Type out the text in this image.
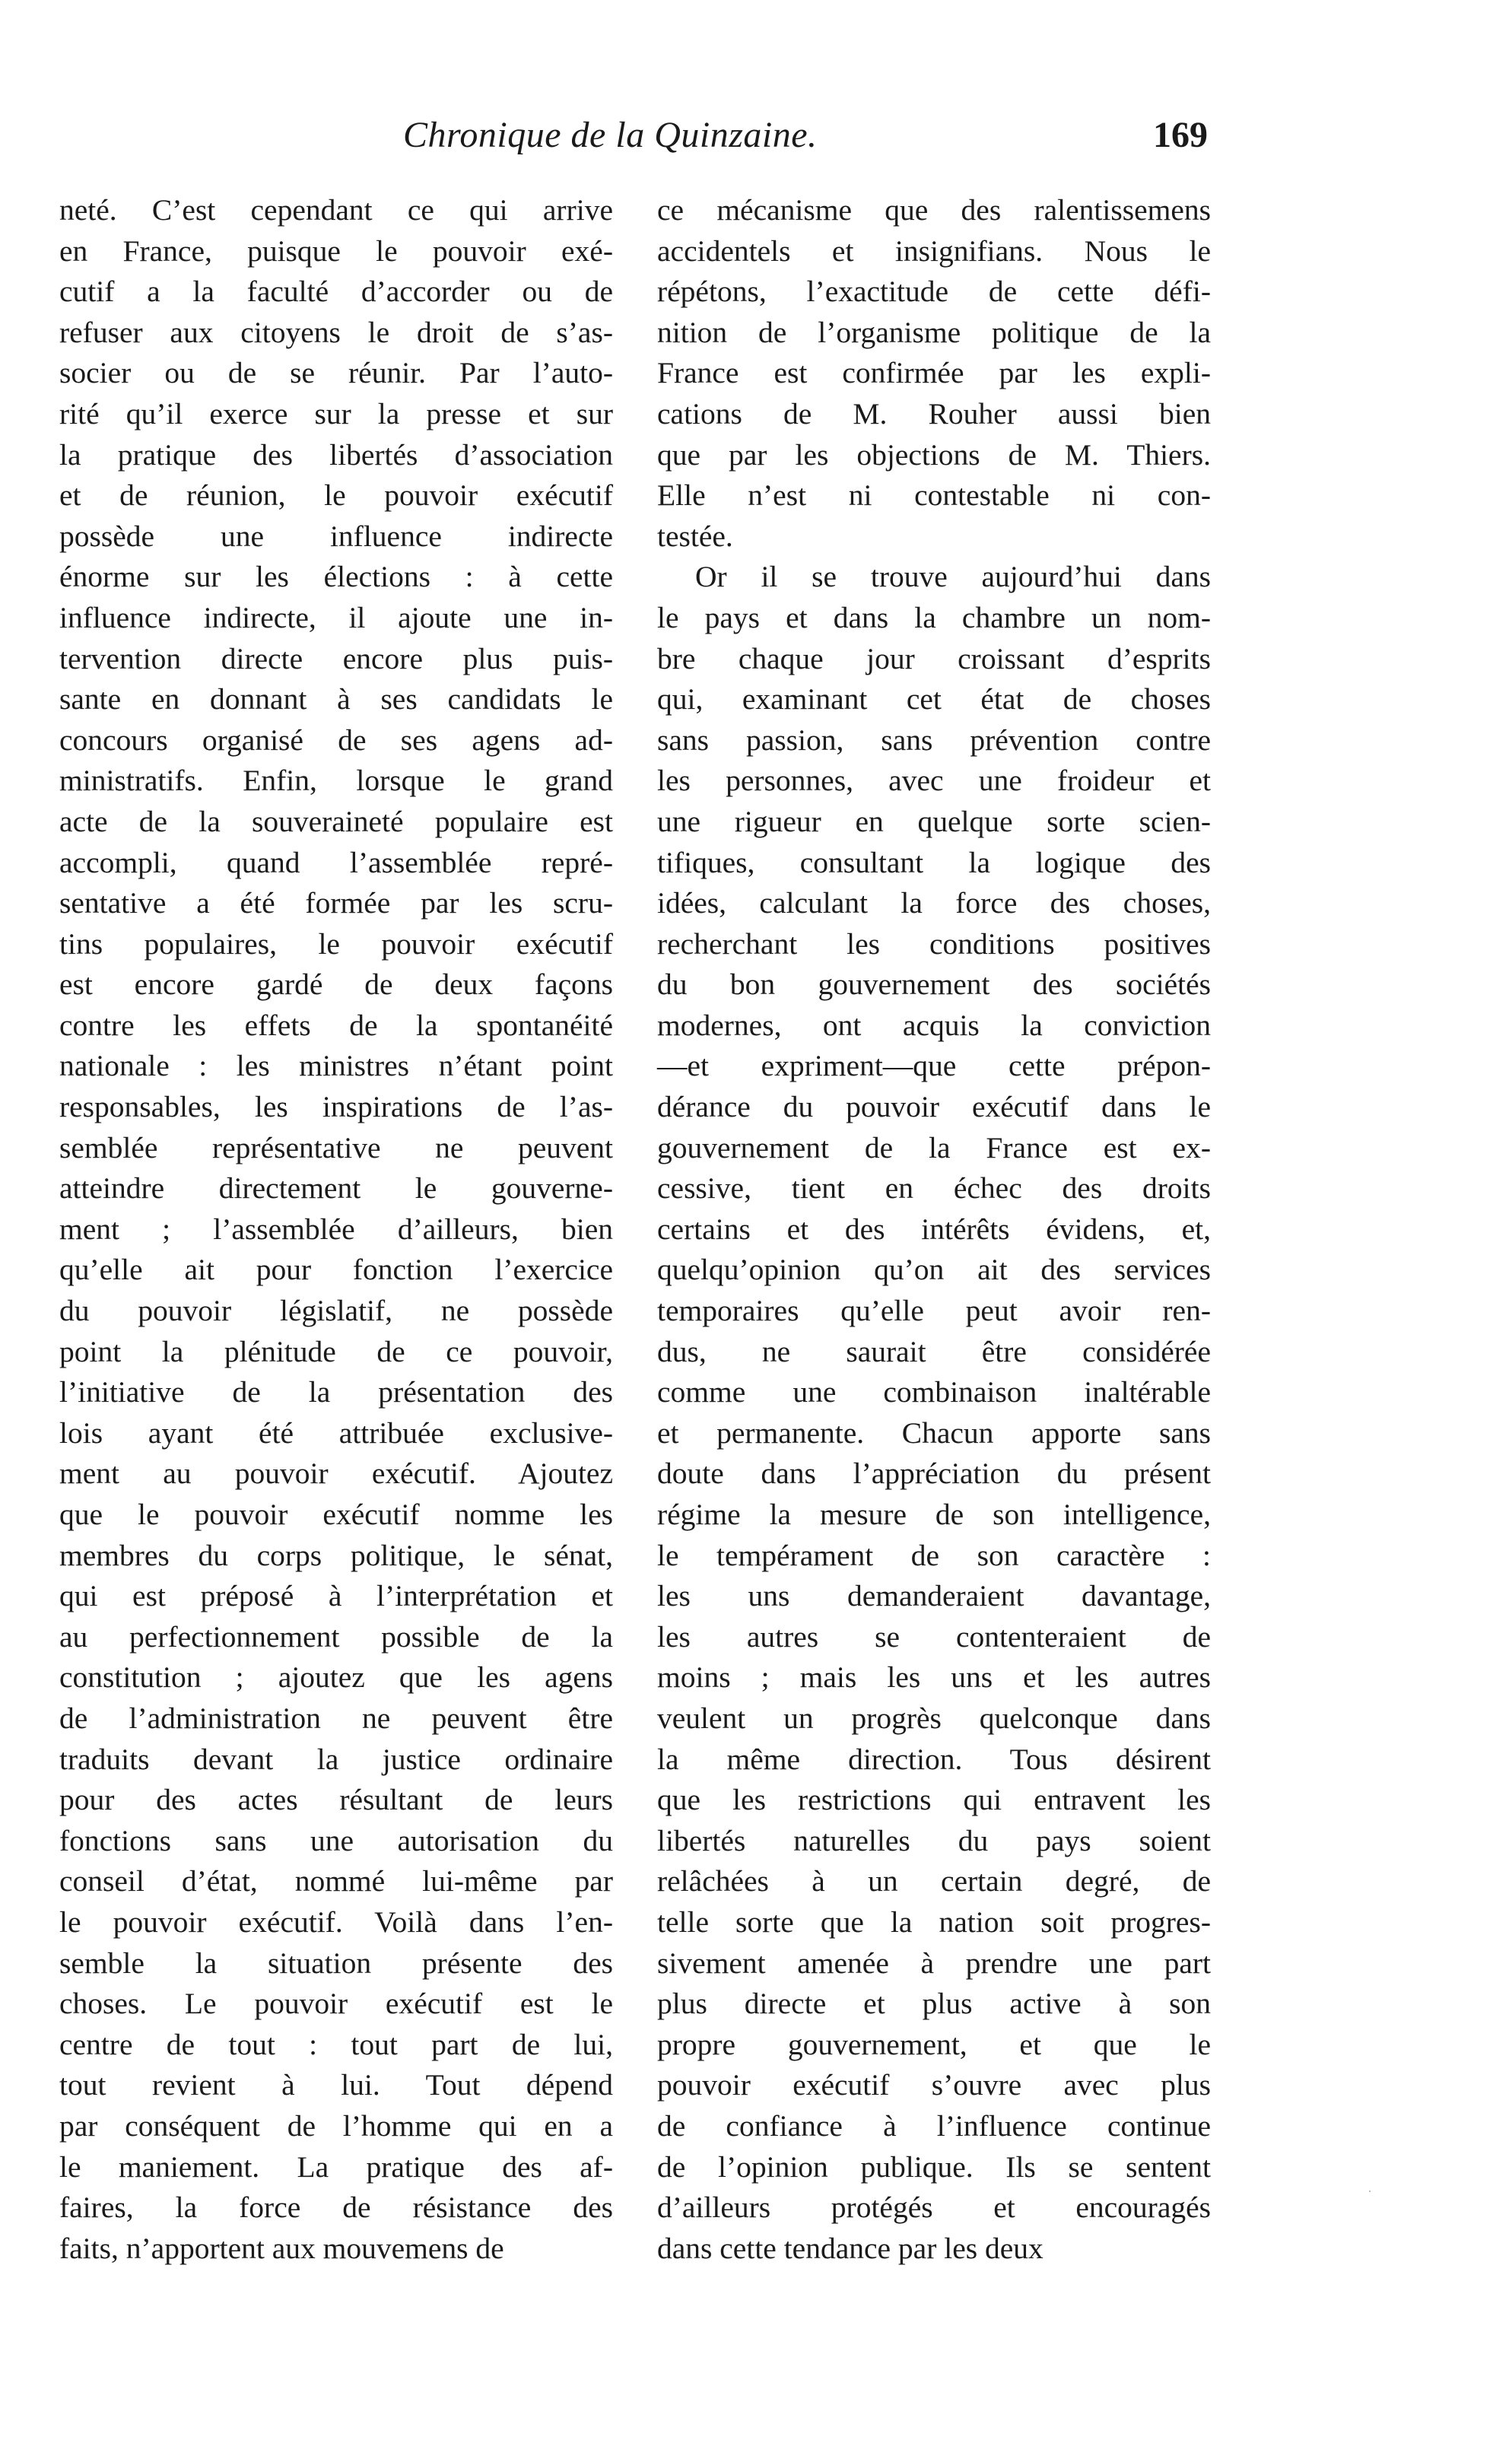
Chronique de la Quinzaine.	169
neté. C’est cependant ce qui arrive
en France, puisque le pouvoir exé-
cutif a la faculté d’accorder ou de
refuser aux citoyens le droit de s’as-
socier ou de se réunir. Par l’auto-
rité qu’il exerce sur la presse et sur
la pratique des libertés d’association
et de réunion, le pouvoir exécutif
possède une influence indirecte
énorme sur les élections : à cette
influence indirecte, il ajoute une in-
tervention directe encore plus puis-
sante en donnant à ses candidats le
concours organisé de ses agens ad-
ministratifs. Enfin, lorsque le grand
acte de la souveraineté populaire est
accompli, quand l’assemblée repré-
sentative a été formée par les scru-
tins populaires, le pouvoir exécutif
est encore gardé de deux façons
contre les effets de la spontanéité
nationale : les ministres n’étant point
responsables, les inspirations de l’as-
semblée représentative ne peuvent
atteindre directement le gouverne-
ment ; l’assemblée d’ailleurs, bien
qu’elle ait pour fonction l’exercice
du pouvoir législatif, ne possède
point la plénitude de ce pouvoir,
l’initiative de la présentation des
lois ayant été attribuée exclusive-
ment au pouvoir exécutif. Ajoutez
que le pouvoir exécutif nomme les
membres du corps politique, le sénat,
qui est préposé à l’interprétation et
au perfectionnement possible de la
constitution ; ajoutez que les agens
de l’administration ne peuvent être
traduits devant la justice ordinaire
pour des actes résultant de leurs
fonctions sans une autorisation du
conseil d’état, nommé lui-même par
le pouvoir exécutif. Voilà dans l’en-
semble la situation présente des
choses. Le pouvoir exécutif est le
centre de tout : tout part de lui,
tout revient à lui. Tout dépend
par conséquent de l’homme qui en a
le maniement. La pratique des af-
faires, la force de résistance des
faits, n’apportent aux mouvemens de
ce mécanisme que des ralentissemens
accidentels et insignifians. Nous le
répétons, l’exactitude de cette défi-
nition de l’organisme politique de la
France est confirmée par les expli-
cations de M. Rouher aussi bien
que par les objections de M. Thiers.
Elle n’est ni contestable ni con-
testée.
Or il se trouve aujourd’hui dans
le pays et dans la chambre un nom-
bre chaque jour croissant d’esprits
qui, examinant cet état de choses
sans passion, sans prévention contre
les personnes, avec une froideur et
une rigueur en quelque sorte scien-
tifiques, consultant la logique des
idées, calculant la force des choses,
recherchant les conditions positives
du bon gouvernement des sociétés
modernes, ont acquis la conviction
—et expriment—que cette prépon-
dérance du pouvoir exécutif dans le
gouvernement de la France est ex-
cessive, tient en échec des droits
certains et des intérêts évidens, et,
quelqu’opinion qu’on ait des services
temporaires qu’elle peut avoir ren-
dus, ne saurait être considérée
comme une combinaison inaltérable
et permanente. Chacun apporte sans
doute dans l’appréciation du présent
régime la mesure de son intelligence,
le tempérament de son caractère :
les uns demanderaient davantage,
les autres se contenteraient de
moins ; mais les uns et les autres
veulent un progrès quelconque dans
la même direction. Tous désirent
que les restrictions qui entravent les
libertés naturelles du pays soient
relâchées à un certain degré, de
telle sorte que la nation soit progres-
sivement amenée à prendre une part
plus directe et plus active à son
propre gouvernement, et que le
pouvoir exécutif s’ouvre avec plus
de confiance à l’influence continue
de l’opinion publique. Ils se sentent
d’ailleurs protégés et encouragés
dans cette tendance par les deux
